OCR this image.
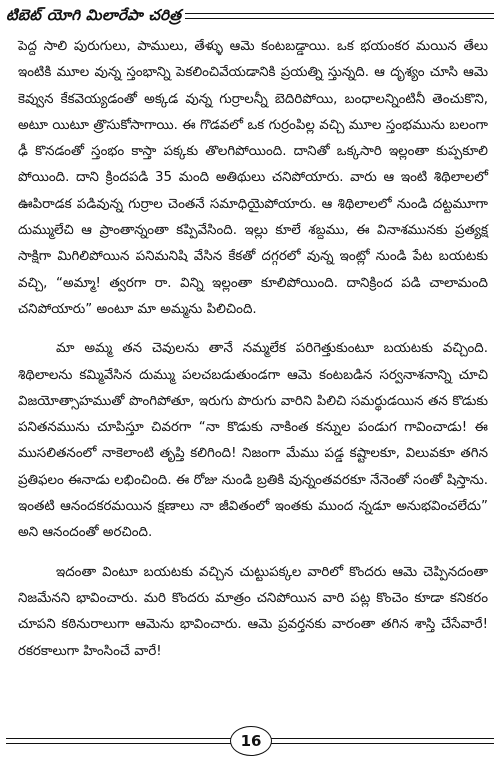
టిబెట్ యోగి మిలారేపా చరిత్ర

పెద్ద సాలి పురుగులు, పాములు, తేళ్ళు ఆమె కంటబడ్డాయి. ఒక భయంకర మయిన తేలు ఇంటికి మూల వున్న స్తంభాన్ని పెకలించివేయడానికి ప్రయత్ని స్తున్నది. ఆ దృశ్యం చూసి ఆమె కెవ్వున కేకవెయ్యడంతో అక్కడ వున్న గుర్రాలన్నీ బెదిరిపోయి, బంధాలన్నింటినీ తెంచుకొని, అటూ యిటూ త్రొసుకోసాగాయి. ఈ గొడవలో ఒక గుర్రంపిల్ల వచ్చి మూల స్తంభమును బలంగా ఢీ కొనడంతో స్తంభం కాస్తా పక్కకు తొలగిపోయింది. దానితో ఒక్కసారి ఇల్లంతా కుప్పకూలి పోయింది. దాని క్రిందపడి 35 మంది అతిథులు చనిపోయారు. వారు ఆ ఇంటి శిథిలాలలో ఊపిరాడక పడివున్న గుర్రాల చెంతనే సమాధియైపోయారు. ఆ శిథిలాలలో నుండి దట్టమూగా దుమ్ములేచి ఆ ప్రాంతాన్నంతా కప్పివేసింది. ఇల్లు కూలే శబ్దము, ఈ వినాశమునకు ప్రత్యక్ష సాక్షిగా మిగిలిపోయిన పనిమనిషి వేసిన కేకతో దగ్గరలో వున్న ఇంట్లో నుండి పేట బయటకు వచ్చి, “అమ్మా! త్వరగా రా. విన్ని ఇల్లంతా కూలిపోయింది. దానిక్రింద పడి చాలామంది చనిపోయారు” అంటూ మా అమ్మను పిలిచింది.

మా అమ్మ తన చెవులను తానే నమ్మలేక పరిగెత్తుకుంటూ బయటకు వచ్చింది. శిథిలాలను కమ్మివేసిన దుమ్ము పలచబడుతుండగా ఆమె కంటబడిన సర్వనాశనాన్ని చూచి విజయోత్సాహముతో పొంగిపోతూ, ఇరుగు పొరుగు వారిని పిలిచి సమర్థుడయిన తన కొడుకు పనితనమును చూపిస్తూ చివరగా “నా కొడుకు నాకింత కన్నుల పండుగ గావించాడు! ఈ ముసలితనంలో నాకెలాంటి తృప్తి కలిగింది! నిజంగా మేము పడ్డ కష్టాలకూ, విలువకూ తగిన ప్రతిఫలం ఈనాడు లభించింది. ఈ రోజు నుండి బ్రతికి వున్నంతవరకూ నేనెంతో సంతో షిస్తాను. ఇంతటి ఆనందకరమయిన క్షణాలు నా జీవితంలో ఇంతకు ముంద న్నడూ అనుభవించలేదు” అని ఆనందంతో అరచింది.

ఇదంతా వింటూ బయటకు వచ్చిన చుట్టుపక్కల వారిలో కొందరు ఆమె చెప్పినదంతా నిజమేనని భావించారు. మరి కొందరు మాత్రం చనిపోయిన వారి పట్ల కొంచెం కూడా కనికరం చూపని కఠినురాలుగా ఆమెను భావించారు. ఆమె ప్రవర్తనకు వారంతా తగిన శాస్తి చేసేవారే! రకరకాలుగా హింసించే వారే!

16
